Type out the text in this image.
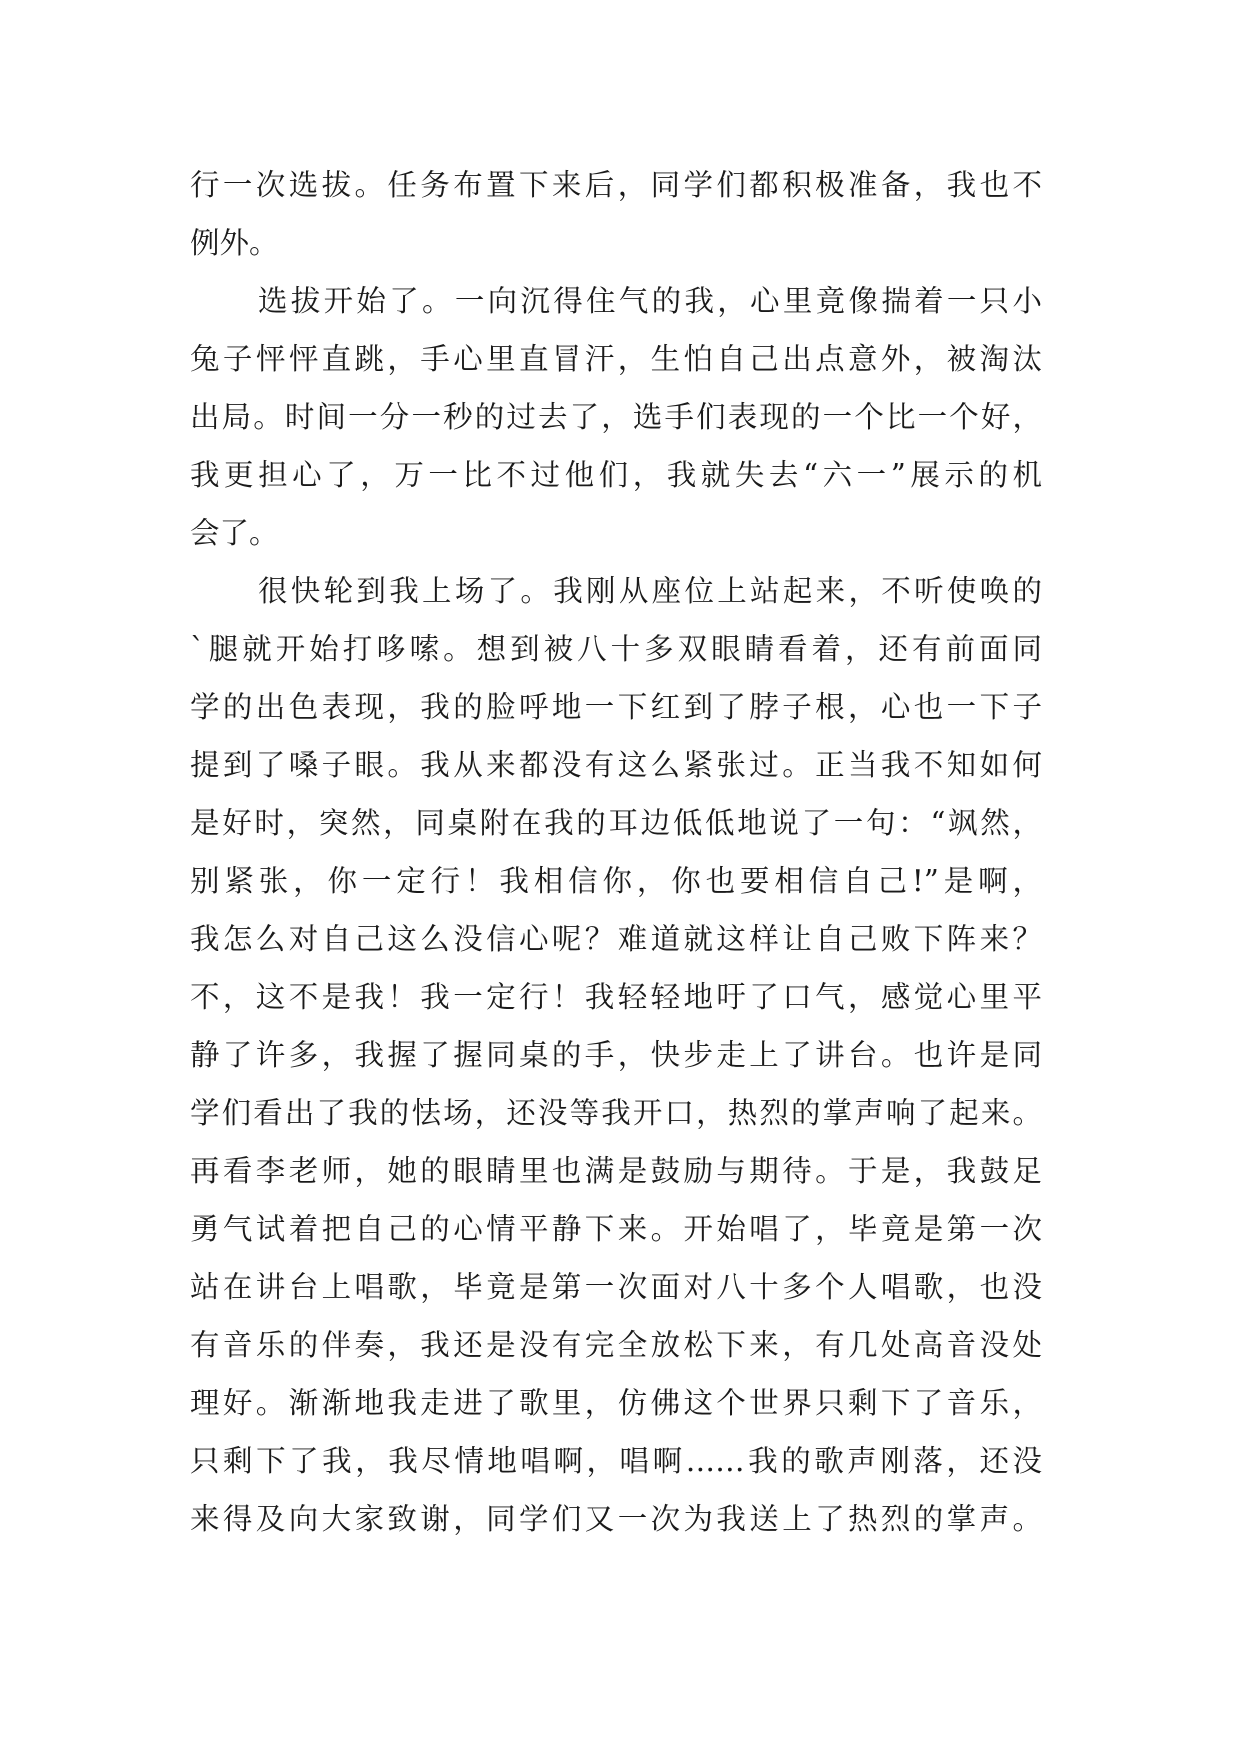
行一次选拔。任务布置下来后，同学们都积极准备，我也不
例外。
选拔开始了。一向沉得住气的我，心里竟像揣着一只小
兔子怦怦直跳，手心里直冒汗，生怕自己出点意外，被淘汰
出局。时间一分一秒的过去了，选手们表现的一个比一个好，
我更担心了，万一比不过他们，我就失去“六一”展示的机
会了。
很快轮到我上场了。我刚从座位上站起来，不听使唤的
`腿就开始打哆嗦。想到被八十多双眼睛看着，还有前面同
学的出色表现，我的脸呼地一下红到了脖子根，心也一下子
提到了嗓子眼。我从来都没有这么紧张过。正当我不知如何
是好时，突然，同桌附在我的耳边低低地说了一句：“飒然，
别紧张，你一定行！我相信你，你也要相信自己!”是啊，
我怎么对自己这么没信心呢？难道就这样让自己败下阵来？
不，这不是我！我一定行！我轻轻地吁了口气，感觉心里平
静了许多，我握了握同桌的手，快步走上了讲台。也许是同
学们看出了我的怯场，还没等我开口，热烈的掌声响了起来。
再看李老师，她的眼睛里也满是鼓励与期待。于是，我鼓足
勇气试着把自己的心情平静下来。开始唱了，毕竟是第一次
站在讲台上唱歌，毕竟是第一次面对八十多个人唱歌，也没
有音乐的伴奏，我还是没有完全放松下来，有几处高音没处
理好。渐渐地我走进了歌里，仿佛这个世界只剩下了音乐，
只剩下了我，我尽情地唱啊，唱啊……我的歌声刚落，还没
来得及向大家致谢，同学们又一次为我送上了热烈的掌声。
